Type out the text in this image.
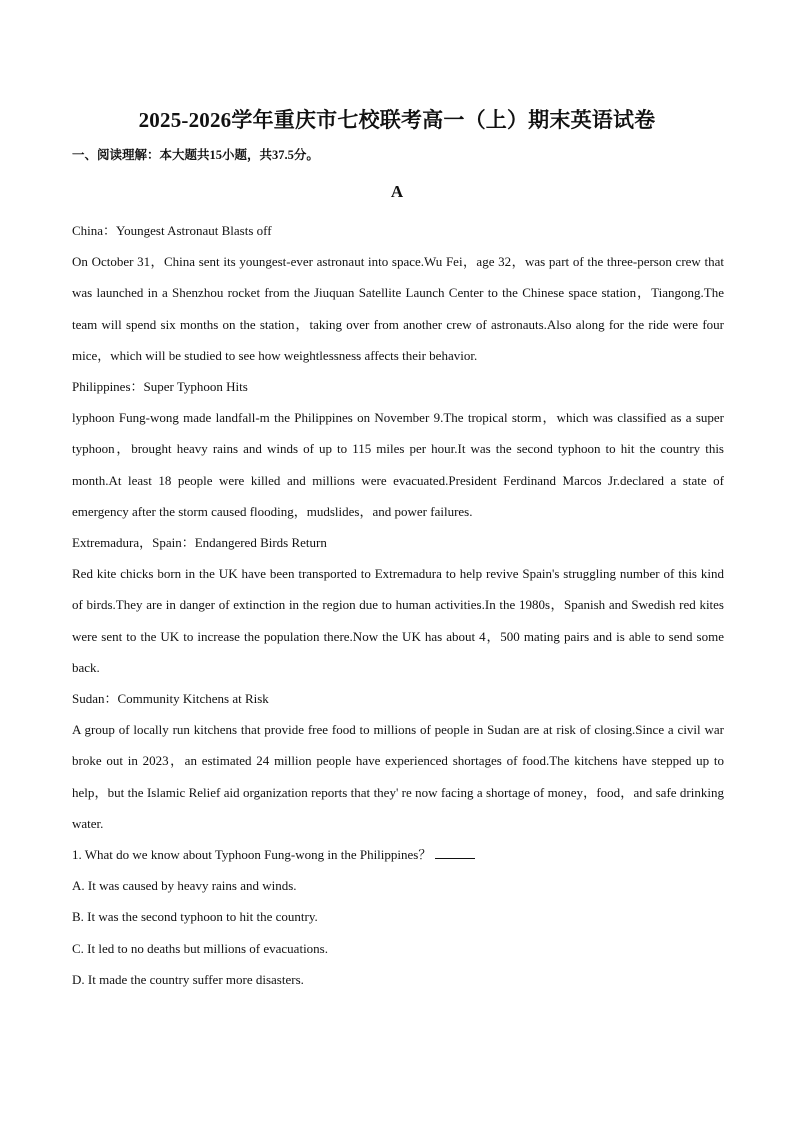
2025-2026学年重庆市七校联考高一（上）期末英语试卷
一、阅读理解：本大题共15小题，共37.5分。
A

China：Youngest Astronaut Blasts off

On October 31，China sent its youngest-ever astronaut into space.Wu Fei，age 32，was part of the three-person crew that was launched in a Shenzhou rocket from the Jiuquan Satellite Launch Center to the Chinese space station，Tiangong.The team will spend six months on the station，taking over from another crew of astronauts.Also along for the ride were four mice，which will be studied to see how weightlessness affects their behavior.

Philippines：Super Typhoon Hits

lyphoon Fung-wong made landfall-m the Philippines on November 9.The tropical storm，which was classified as a super typhoon，brought heavy rains and winds of up to 115 miles per hour.It was the second typhoon to hit the country this month.At least 18 people were killed and millions were evacuated.President Ferdinand Marcos Jr.declared a state of emergency after the storm caused flooding，mudslides，and power failures.

Extremadura，Spain：Endangered Birds Return

Red kite chicks born in the UK have been transported to Extremadura to help revive Spain's struggling number of this kind of birds.They are in danger of extinction in the region due to human activities.In the 1980s，Spanish and Swedish red kites were sent to the UK to increase the population there.Now the UK has about 4，500 mating pairs and is able to send some back.

Sudan：Community Kitchens at Risk

A group of locally run kitchens that provide free food to millions of people in Sudan are at risk of closing.Since a civil war broke out in 2023，an estimated 24 million people have experienced shortages of food.The kitchens have stepped up to help，but the Islamic Relief aid organization reports that they' re now facing a shortage of money，food，and safe drinking water.

1. What do we know about Typhoon Fung-wong in the Philippines？

A. It was caused by heavy rains and winds.

B. It was the second typhoon to hit the country.

C. It led to no deaths but millions of evacuations.

D. It made the country suffer more disasters.
